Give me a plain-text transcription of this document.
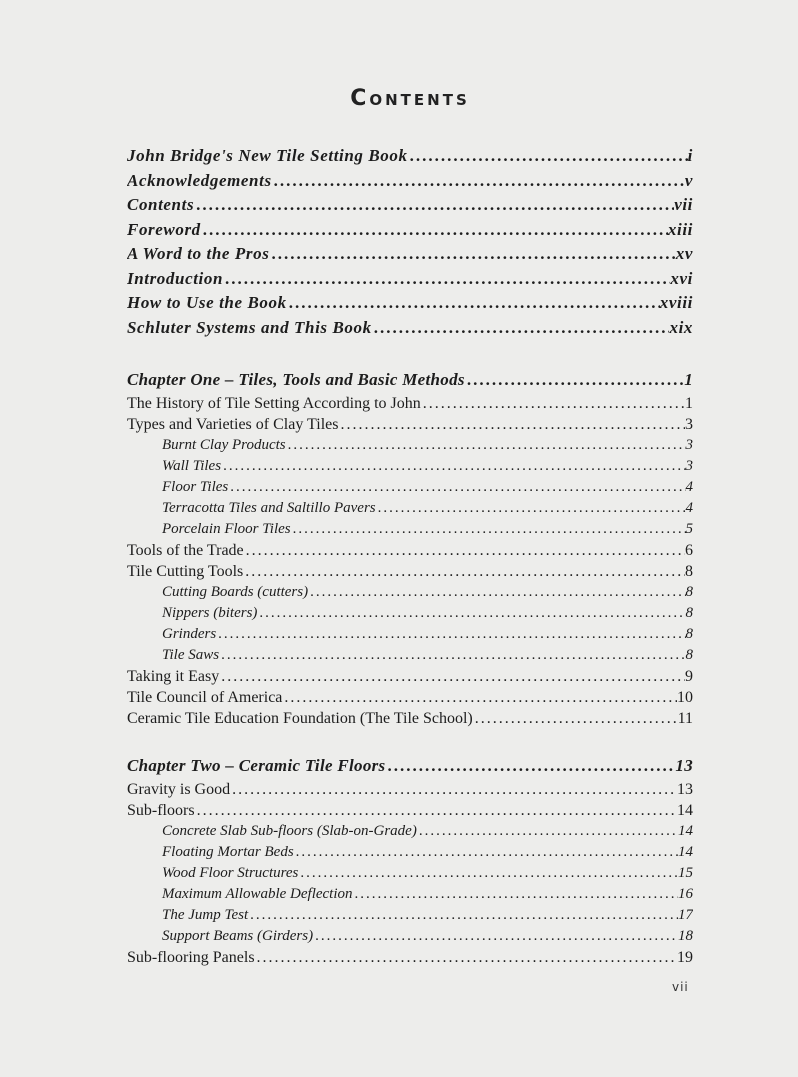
Contents
John Bridge's New Tile Setting Book .....	i
Acknowledgements .....	v
Contents .....	vii
Foreword .....	xiii
A Word to the Pros .....	xv
Introduction .....	xvi
How to Use the Book .....	xviii
Schluter Systems and This Book .....	xix
Chapter One – Tiles, Tools and Basic Methods .....	1
The History of Tile Setting According to John .....	1
Types and Varieties of Clay Tiles .....	3
Burnt Clay Products .....	3
Wall Tiles .....	3
Floor Tiles .....	4
Terracotta Tiles and Saltillo Pavers .....	4
Porcelain Floor Tiles .....	5
Tools of the Trade .....	6
Tile Cutting Tools .....	8
Cutting Boards (cutters) .....	8
Nippers (biters) .....	8
Grinders .....	8
Tile Saws .....	8
Taking it Easy .....	9
Tile Council of America .....	10
Ceramic Tile Education Foundation (The Tile School) .....	11
Chapter Two – Ceramic Tile Floors .....	13
Gravity is Good .....	13
Sub-floors .....	14
Concrete Slab Sub-floors (Slab-on-Grade) .....	14
Floating Mortar Beds .....	14
Wood Floor Structures .....	15
Maximum Allowable Deflection .....	16
The Jump Test .....	17
Support Beams (Girders) .....	18
Sub-flooring Panels .....	19
vii
